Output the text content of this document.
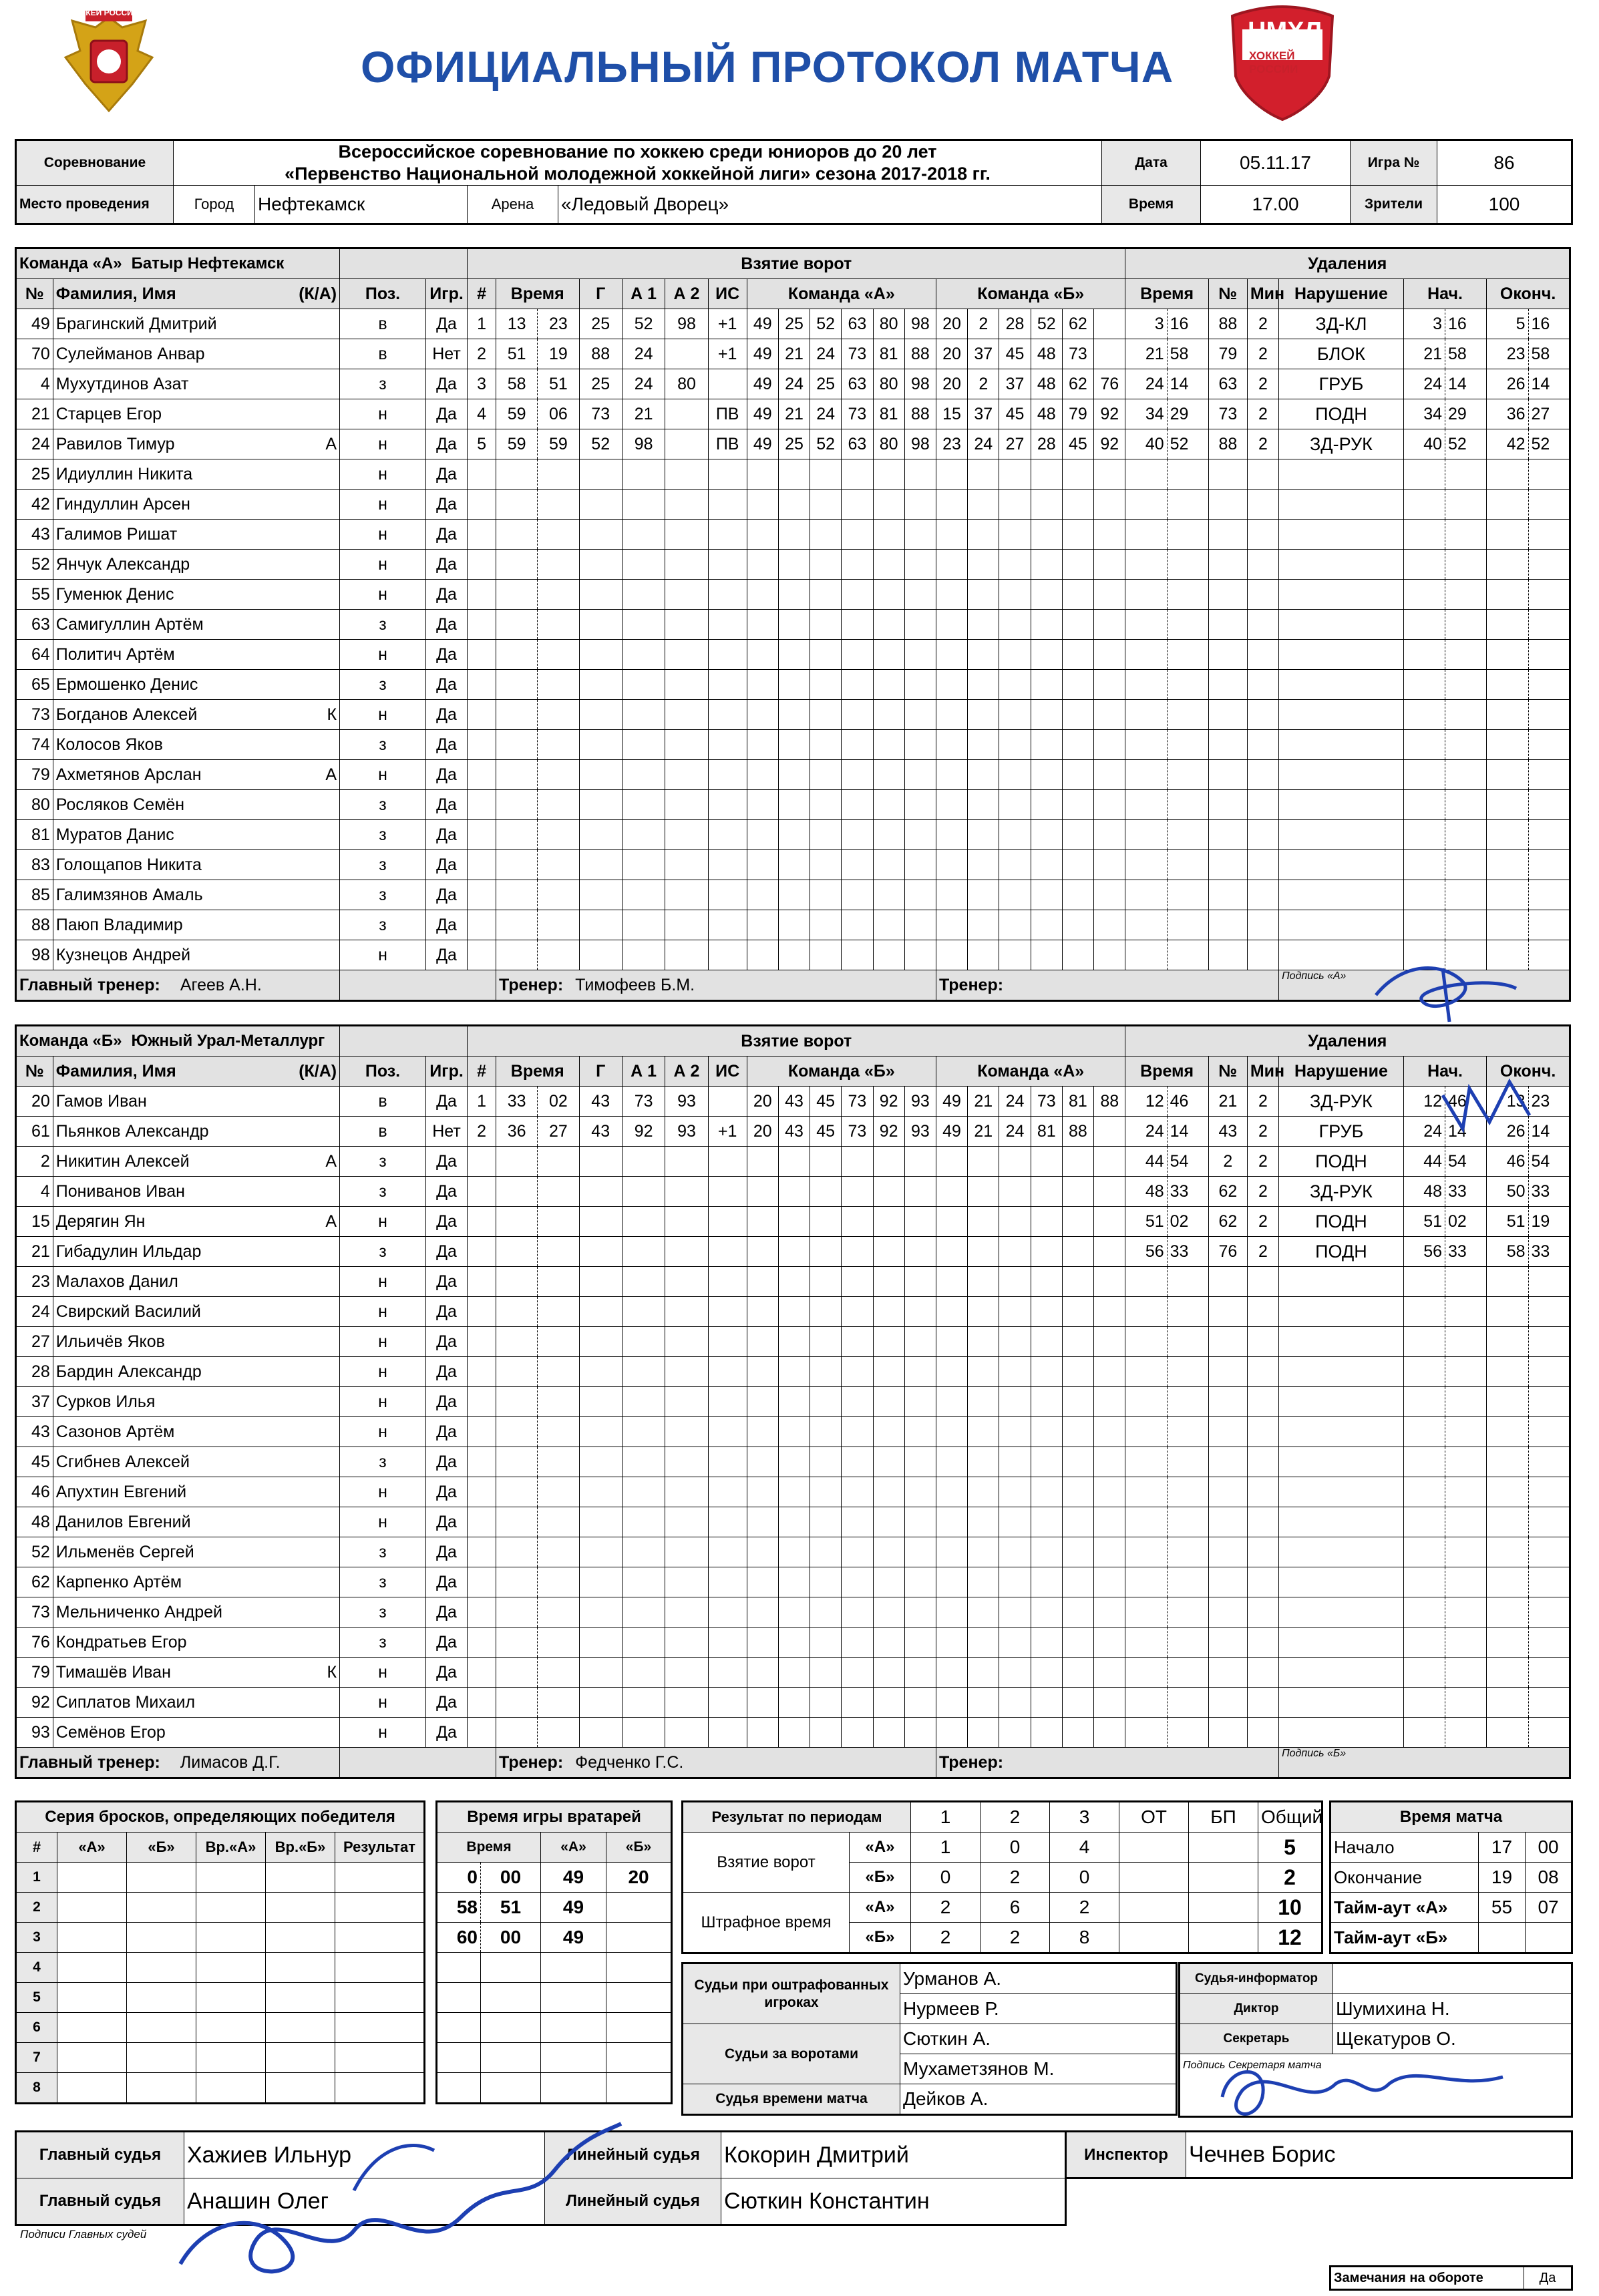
ХОККЕЙ РОССИИ
ОФИЦИАЛЬНЫЙ ПРОТОКОЛ МАТЧА
НМХЛ
ХОККЕЙ РОССИИ
Соревнование	Всероссийское соревнование по хоккею среди юниоров до 20 лет
«Первенство Национальной молодежной хоккейной лиги» сезона 2017-2018 гг.				Дата	05.11.17	Игра №	86
Место проведения	Город	Нефтекамск	Арена	«Ледовый Дворец»	Время	17.00	Зрители	100
Команда «А» Батыр Нефтекамск				Взятие ворот																			Удаления								
№	Фамилия, Имя (К/А)	Поз.	Игр.	#	Время		Г	А 1	А 2	ИС	Команда «А»						Команда «Б»						Время		№	Мин	Нарушение	Нач.		Оконч.	
49	Брагинский Дмитрий	в	Да	1	13	23	25	52	98	+1	49	25	52	63	80	98	20	2	28	52	62		3	16	88	2	ЗД-КЛ	3	16	5	16
70	Сулейманов Анвар	в	Нет	2	51	19	88	24		+1	49	21	24	73	81	88	20	37	45	48	73		21	58	79	2	БЛОК	21	58	23	58
4	Мухутдинов Азат	з	Да	3	58	51	25	24	80		49	24	25	63	80	98	20	2	37	48	62	76	24	14	63	2	ГРУБ	24	14	26	14
21	Старцев Егор	н	Да	4	59	06	73	21		ПВ	49	21	24	73	81	88	15	37	45	48	79	92	34	29	73	2	ПОДН	34	29	36	27
24	Равилов Тимур А	н	Да	5	59	59	52	98		ПВ	49	25	52	63	80	98	23	24	27	28	45	92	40	52	88	2	ЗД-РУК	40	52	42	52
25	Идиуллин Никита	н	Да																												
42	Гиндуллин Арсен	н	Да																												
43	Галимов Ришат	н	Да																												
52	Янчук Александр	н	Да																												
55	Гуменюк Денис	н	Да																												
63	Самигуллин Артём	з	Да																												
64	Политич Артём	н	Да																												
65	Ермошенко Денис	з	Да																												
73	Богданов Алексей К	н	Да																												
74	Колосов Яков	з	Да																												
79	Ахметянов Арслан А	н	Да																												
80	Росляков Семён	з	Да																												
81	Муратов Данис	з	Да																												
83	Голощапов Никита	з	Да																												
85	Галимзянов Амаль	з	Да																												
88	Паюп Владимир	з	Да																												
98	Кузнецов Андрей	н	Да																												
Главный тренер: Агеев А.Н.					Тренер: Тимофеев Б.М.												Тренер:										Подпись «А»				
Команда «Б» Южный Урал-Металлург				Взятие ворот																			Удаления								
№	Фамилия, Имя (К/А)	Поз.	Игр.	#	Время		Г	А 1	А 2	ИС	Команда «Б»						Команда «А»						Время		№	Мин	Нарушение	Нач.		Оконч.	
20	Гамов Иван	в	Да	1	33	02	43	73	93		20	43	45	73	92	93	49	21	24	73	81	88	12	46	21	2	ЗД-РУК	12	46	13	23
61	Пьянков Александр	в	Нет	2	36	27	43	92	93	+1	20	43	45	73	92	93	49	21	24	81	88		24	14	43	2	ГРУБ	24	14	26	14
2	Никитин Алексей А	з	Да																				44	54	2	2	ПОДН	44	54	46	54
4	Пониванов Иван	з	Да																				48	33	62	2	ЗД-РУК	48	33	50	33
15	Дерягин Ян А	н	Да																				51	02	62	2	ПОДН	51	02	51	19
21	Гибадулин Ильдар	з	Да																				56	33	76	2	ПОДН	56	33	58	33
23	Малахов Данил	н	Да																												
24	Свирский Василий	н	Да																												
27	Ильичёв Яков	н	Да																												
28	Бардин Александр	н	Да																												
37	Сурков Илья	н	Да																												
43	Сазонов Артём	н	Да																												
45	Сгибнев Алексей	з	Да																												
46	Апухтин Евгений	н	Да																												
48	Данилов Евгений	н	Да																												
52	Ильменёв Сергей	з	Да																												
62	Карпенко Артём	з	Да																												
73	Мельниченко Андрей	з	Да																												
76	Кондратьев Егор	з	Да																												
79	Тимашёв Иван К	н	Да																												
92	Сиплатов Михаил	н	Да																												
93	Семёнов Егор	н	Да																												
Главный тренер: Лимасов Д.Г.					Тренер: Федченко Г.С.												Тренер:										Подпись «Б»				
Серия бросков, определяющих победителя					
#	«А»	«Б»	Вр.«А»	Вр.«Б»	Результат
1					
2					
3					
4					
5					
6					
7					
8					
Время игры вратарей			
Время		«А»	«Б»
0	00	49	20
58	51	49	
60	00	49	

Результат по периодам		1	2	3	ОТ	БП	Общий
Взятие ворот	«А»	1	0	4			5
	«Б»	0	2	0			2
Штрафное время	«А»	2	6	2			10
	«Б»	2	2	8			12
Время матча		
Начало	17	00
Окончание	19	08
Тайм-аут «А»	55	07
Тайм-аут «Б»		
Судьи при оштрафованных игроках	Урманов А.
	Нурмеев Р.
Судьи за воротами	Сюткин А.
	Мухаметзянов М.
Судья времени матча	Дейков А.
Судья-информатор	
Диктор	Шумихина Н.
Секретарь	Щекатуров О.
Подпись Секретаря матча	
Главный судья	Хажиев Ильнур	Линейный судья	Кокорин Дмитрий
Главный судья	Анашин Олег	Линейный судья	Сюткин Константин
Инспектор	Чечнев Борис
Подписи Главных судей
Замечания на обороте	Да
